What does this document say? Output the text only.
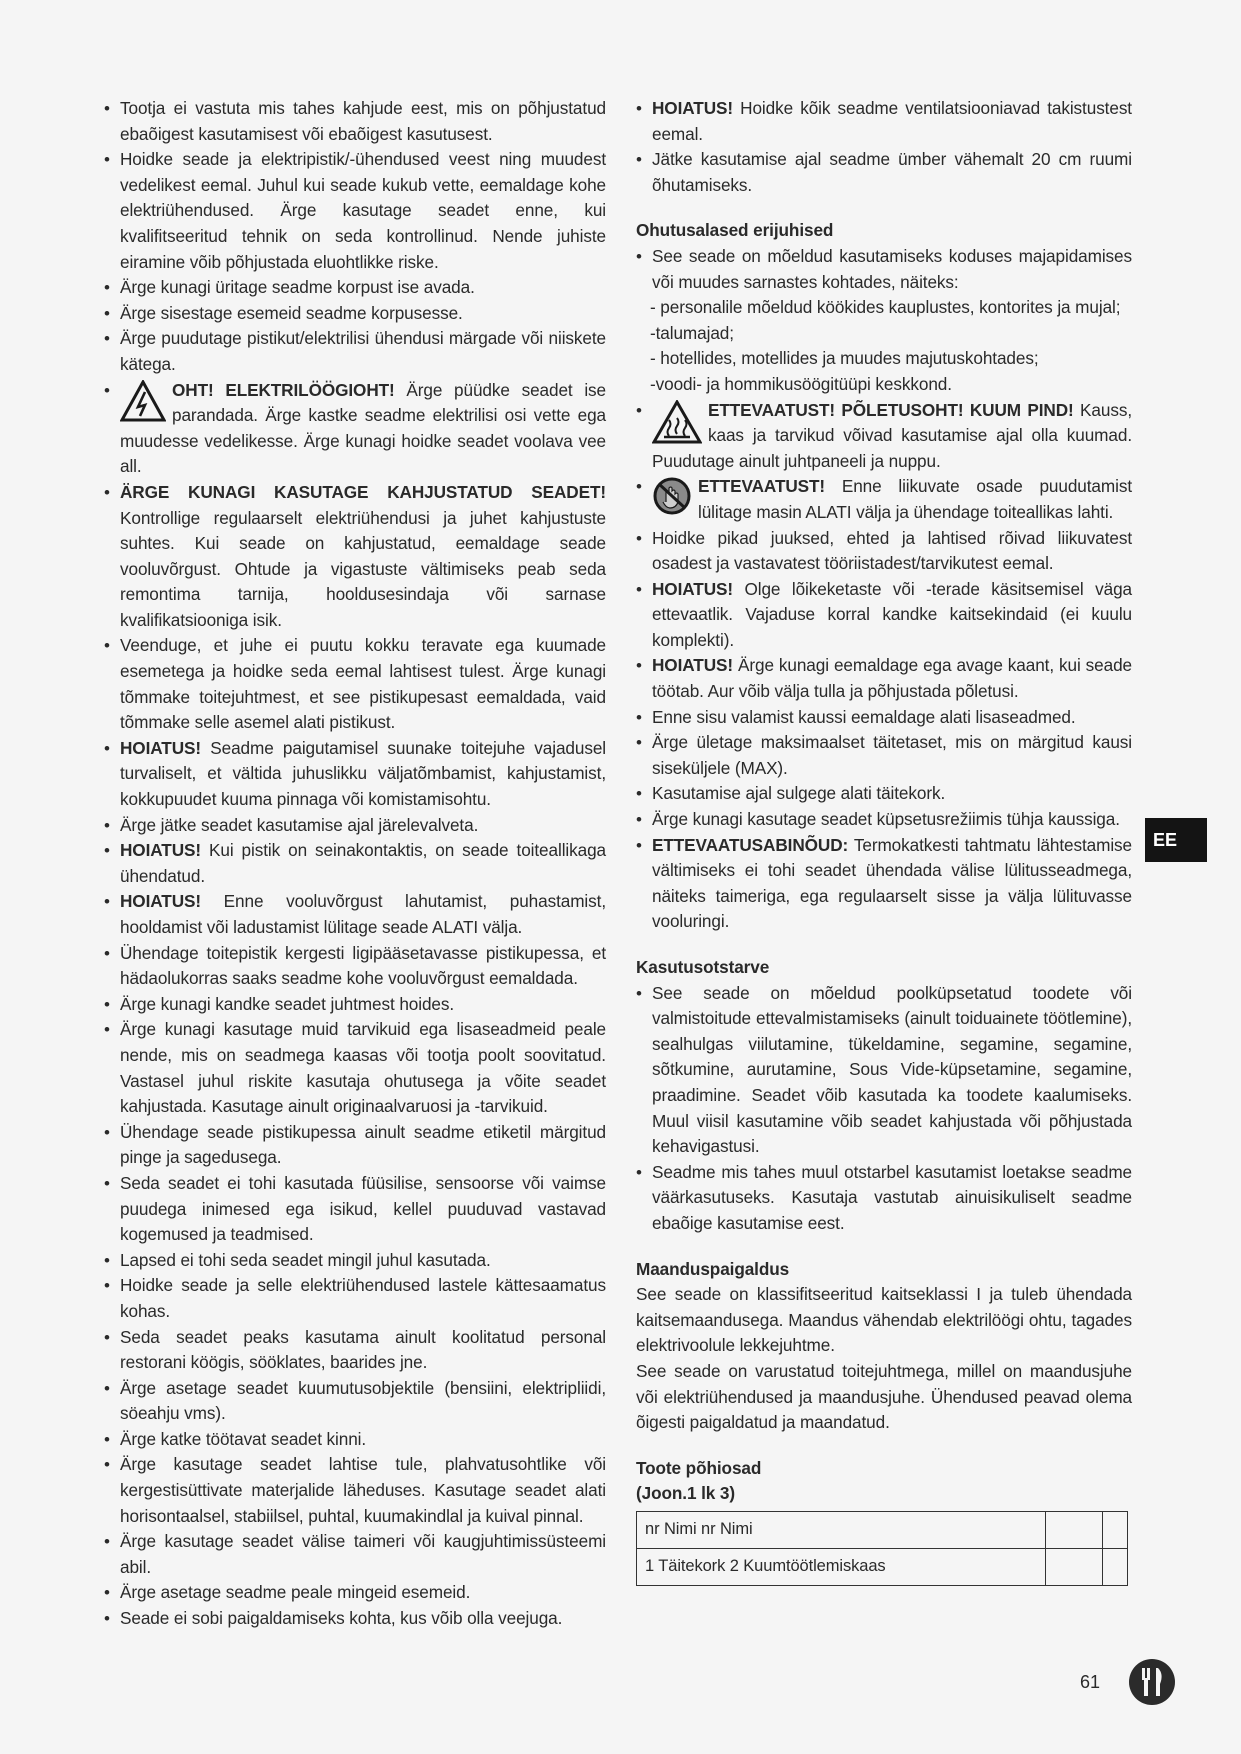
• Tootja ei vastuta mis tahes kahjude eest, mis on põhjustatud ebaõigest kasutamisest või ebaõigest kasutusest.
• Hoidke seade ja elektripistik/-ühendused veest ning muudest vedelikest eemal. Juhul kui seade kukub vette, eemaldage kohe elektriühendused. Ärge kasutage seadet enne, kui kvalifitseeritud tehnik on seda kontrollinud. Nende juhiste eiramine võib põhjustada eluohtlikke riske.
• Ärge kunagi üritage seadme korpust ise avada.
• Ärge sisestage esemeid seadme korpusesse.
• Ärge puudutage pistikut/elektrilisi ühendusi märgade või niiskete kätega.
• OHT! ELEKTRILÖÖGIOHT! Ärge püüdke seadet ise parandada. Ärge kastke seadme elektrilisi osi vette ega muudesse vedelikesse. Ärge kunagi hoidke seadet voolava vee all.
• ÄRGE KUNAGI KASUTAGE KAHJUSTATUD SEADET! Kontrollige regulaarselt elektriühendusi ja juhet kahjustuste suhtes. Kui seade on kahjustatud, eemaldage seade vooluvõrgust. Ohtude ja vigastuste vältimiseks peab seda remontima tarnija, hooldusesindaja või sarnase kvalifikatsiooniga isik.
• Veenduge, et juhe ei puutu kokku teravate ega kuumade esemetega ja hoidke seda eemal lahtisest tulest. Ärge kunagi tõmmake toitejuhtmest, et see pistikupesast eemaldada, vaid tõmmake selle asemel alati pistikust.
• HOIATUS! Seadme paigutamisel suunake toitejuhe vajadusel turvaliselt, et vältida juhuslikku väljatõmbamist, kahjustamist, kokkupuudet kuuma pinnaga või komistamisohtu.
• Ärge jätke seadet kasutamise ajal järelevalveta.
• HOIATUS! Kui pistik on seinakontaktis, on seade toiteallikaga ühendatud.
• HOIATUS! Enne vooluvõrgust lahutamist, puhastamist, hooldamist või ladustamist lülitage seade ALATI välja.
• Ühendage toitepistik kergesti ligipääsetavasse pistikupessa, et hädaolukorras saaks seadme kohe vooluvõrgust eemaldada.
• Ärge kunagi kandke seadet juhtmest hoides.
• Ärge kunagi kasutage muid tarvikuid ega lisaseadmeid peale nende, mis on seadmega kaasas või tootja poolt soovitatud. Vastasel juhul riskite kasutaja ohutusega ja võite seadet kahjustada. Kasutage ainult originaalvaruosi ja -tarvikuid.
• Ühendage seade pistikupessa ainult seadme etiketil märgitud pinge ja sagedusega.
• Seda seadet ei tohi kasutada füüsilise, sensoorse või vaimse puudega inimesed ega isikud, kellel puuduvad vastavad kogemused ja teadmised.
• Lapsed ei tohi seda seadet mingil juhul kasutada.
• Hoidke seade ja selle elektriühendused lastele kättesaamatus kohas.
• Seda seadet peaks kasutama ainult koolitatud personal restorani köögis, sööklates, baarides jne.
• Ärge asetage seadet kuumutusobjektile (bensiini, elektripliidi, söeahju vms).
• Ärge katke töötavat seadet kinni.
• Ärge kasutage seadet lahtise tule, plahvatusohtlike või kergestisüttivate materjalide läheduses. Kasutage seadet alati horisontaalsel, stabiilsel, puhtal, kuumakindlal ja kuival pinnal.
• Ärge kasutage seadet välise taimeri või kaugjuhtimissüsteemi abil.
• Ärge asetage seadme peale mingeid esemeid.
• Seade ei sobi paigaldamiseks kohta, kus võib olla veejuga.
• HOIATUS! Hoidke kõik seadme ventilatsiooniavad takistustest eemal.
• Jätke kasutamise ajal seadme ümber vähemalt 20 cm ruumi õhutamiseks.
Ohutusalased erijuhised
• See seade on mõeldud kasutamiseks koduses majapidamises või muudes sarnastes kohtades, näiteks:

- personalile mõeldud köökides kauplustes, kontorites ja mujal;

-talumajad;

- hotellides, motellides ja muudes majutuskohtades;

-voodi- ja hommikusöögitüüpi keskkond.

• ETTEVAATUST! PÕLETUSOHT! KUUM PIND! Kauss, kaas ja tarvikud võivad kasutamise ajal olla kuumad. Puudutage ainult juhtpaneeli ja nuppu.
• ETTEVAATUST! Enne liikuvate osade puudutamist lülitage masin ALATI välja ja ühendage toiteallikas lahti.
• Hoidke pikad juuksed, ehted ja lahtised rõivad liikuvatest osadest ja vastavatest tööriistadest/tarvikutest eemal.
• HOIATUS! Olge lõikeketaste või -terade käsitsemisel väga ettevaatlik. Vajaduse korral kandke kaitsekindaid (ei kuulu komplekti).
• HOIATUS! Ärge kunagi eemaldage ega avage kaant, kui seade töötab. Aur võib välja tulla ja põhjustada põletusi.
• Enne sisu valamist kaussi eemaldage alati lisaseadmed.
• Ärge ületage maksimaalset täitetaset, mis on märgitud kausi siseküljele (MAX).
• Kasutamise ajal sulgege alati täitekork.
• Ärge kunagi kasutage seadet küpsetusrežiimis tühja kaussiga.
• ETTEVAATUSABINÕUD: Termokatkesti tahtmatu lähtestamise vältimiseks ei tohi seadet ühendada välise lülitusseadmega, näiteks taimeriga, ega regulaarselt sisse ja välja lülituvasse vooluringi.
Kasutusotstarve
• See seade on mõeldud poolküpsetatud toodete või valmistoitude ettevalmistamiseks (ainult toiduainete töötlemine), sealhulgas viilutamine, tükeldamine, segamine, segamine, sõtkumine, aurutamine, Sous Vide-küpsetamine, segamine, praadimine. Seadet võib kasutada ka toodete kaalumiseks. Muul viisil kasutamine võib seadet kahjustada või põhjustada kehavigastusi.
• Seadme mis tahes muul otstarbel kasutamist loetakse seadme väärkasutuseks. Kasutaja vastutab ainuisikuliselt seadme ebaõige kasutamise eest.
Maanduspaigaldus

See seade on klassifitseeritud kaitseklassi I ja tuleb ühendada kaitsemaandusega. Maandus vähendab elektrilöögi ohtu, tagades elektrivoolule lekkejuhtme.

See seade on varustatud toitejuhtmega, millel on maandusjuhe või elektriühendused ja maandusjuhe. Ühendused peavad olema õigesti paigaldatud ja maandatud.

Toote põhiosad
(Joon.1 lk 3)
nr Nimi nr Nimi		
1 Täitekork 2 Kuumtöötlemiskaas		
EE
61
